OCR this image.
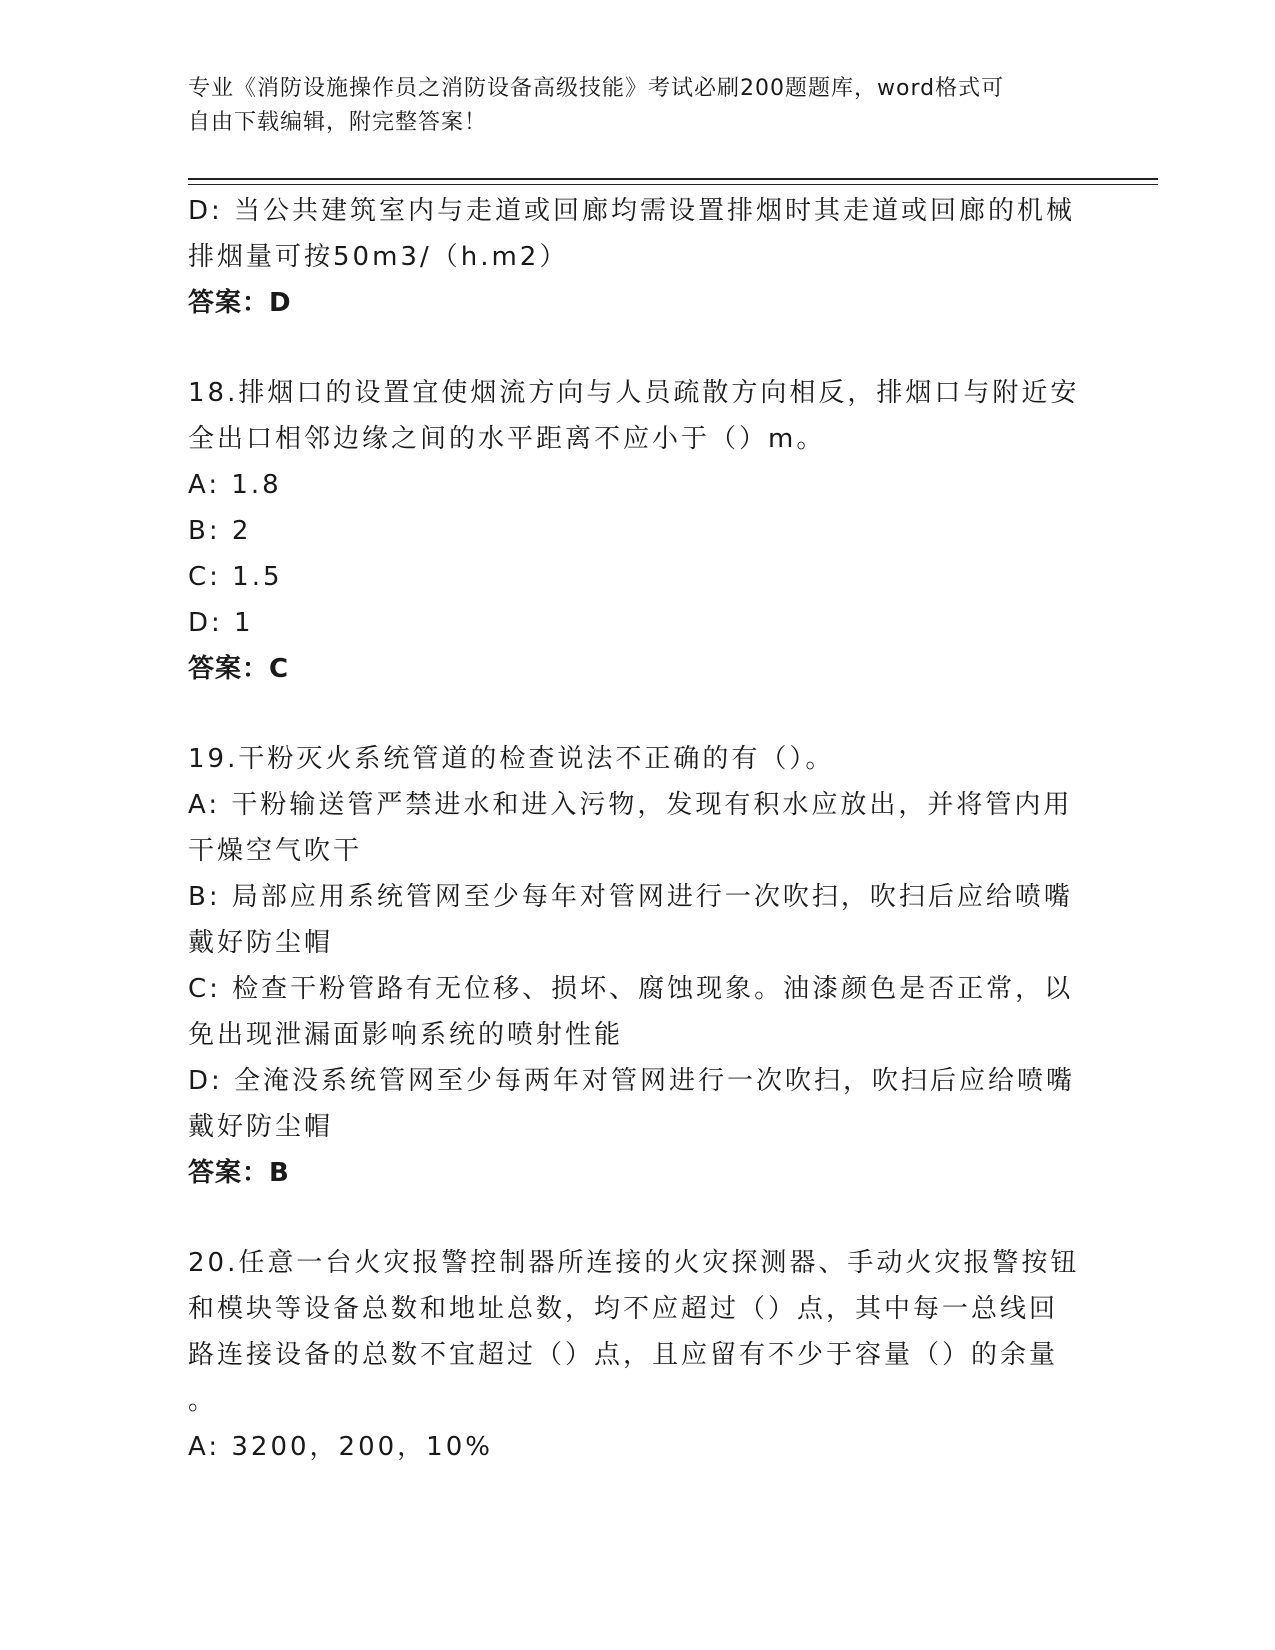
专业《消防设施操作员之消防设备高级技能》考试必刷200题题库，word格式可
自由下载编辑，附完整答案！
D: 当公共建筑室内与走道或回廊均需设置排烟时其走道或回廊的机械
排烟量可按50m3/（h.m2）
答案：D
18.排烟口的设置宜使烟流方向与人员疏散方向相反，排烟口与附近安
全出口相邻边缘之间的水平距离不应小于（）m。
A: 1.8
B: 2
C: 1.5
D: 1
答案：C
19.干粉灭火系统管道的检查说法不正确的有（）。
A: 干粉输送管严禁进水和进入污物，发现有积水应放出，并将管内用
干燥空气吹干
B: 局部应用系统管网至少每年对管网进行一次吹扫，吹扫后应给喷嘴
戴好防尘帽
C: 检查干粉管路有无位移、损坏、腐蚀现象。油漆颜色是否正常，以
免出现泄漏面影响系统的喷射性能
D: 全淹没系统管网至少每两年对管网进行一次吹扫，吹扫后应给喷嘴
戴好防尘帽
答案：B
20.任意一台火灾报警控制器所连接的火灾探测器、手动火灾报警按钮
和模块等设备总数和地址总数，均不应超过（）点，其中每一总线回
路连接设备的总数不宜超过（）点，且应留有不少于容量（）的余量
。
A: 3200，200，10%
